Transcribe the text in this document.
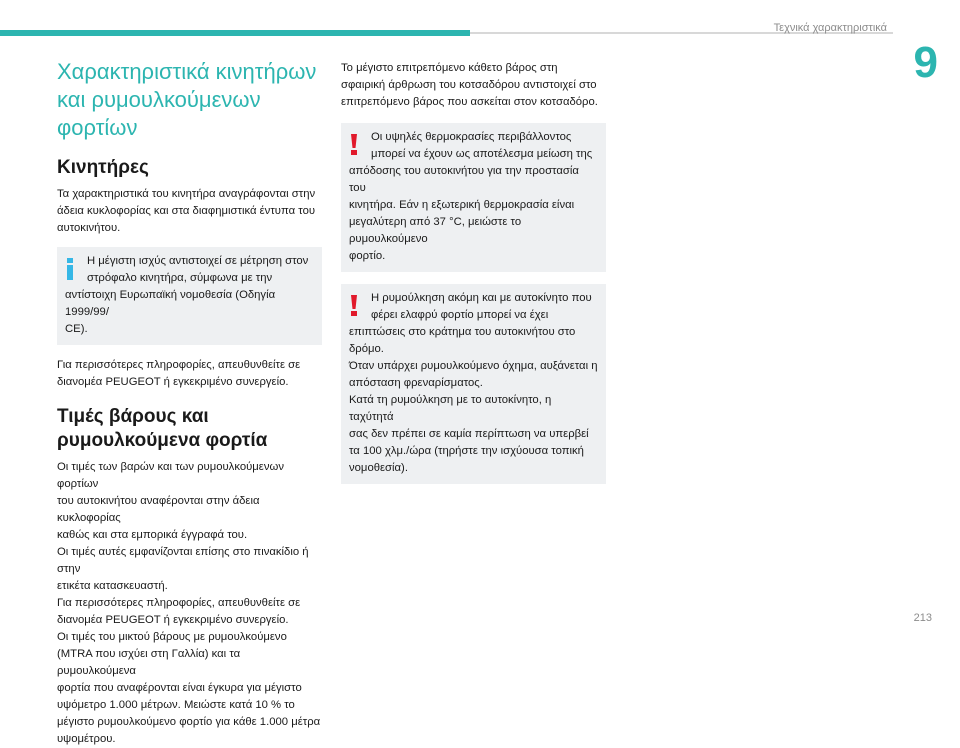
Τεχνικά χαρακτηριστικά
9
Χαρακτηριστικά κινητήρων
και ρυμουλκούμενων φορτίων
Κινητήρες

Τα χαρακτηριστικά του κινητήρα αναγράφονται στην
άδεια κυκλοφορίας και στα διαφημιστικά έντυπα του
αυτοκινήτου.

Η μέγιστη ισχύς αντιστοιχεί σε μέτρηση στον
στρόφαλο κινητήρα, σύμφωνα με την
αντίστοιχη Ευρωπαϊκή νομοθεσία (Οδηγία 1999/99/
CE).

Για περισσότερες πληροφορίες, απευθυνθείτε σε
διανομέα PEUGEOT ή εγκεκριμένο συνεργείο.

Τιμές βάρους και
ρυμουλκούμενα φορτία

Οι τιμές των βαρών και των ρυμουλκούμενων φορτίων
του αυτοκινήτου αναφέρονται στην άδεια κυκλοφορίας
καθώς και στα εμπορικά έγγραφά του.
Οι τιμές αυτές εμφανίζονται επίσης στο πινακίδιο ή στην
ετικέτα κατασκευαστή.
Για περισσότερες πληροφορίες, απευθυνθείτε σε
διανομέα PEUGEOT ή εγκεκριμένο συνεργείο.
Οι τιμές του μικτού βάρους με ρυμουλκούμενο
(MTRA που ισχύει στη Γαλλία) και τα ρυμουλκούμενα
φορτία που αναφέρονται είναι έγκυρα για μέγιστο
υψόμετρο 1.000 μέτρων. Μειώστε κατά 10 % το
μέγιστο ρυμουλκούμενο φορτίο για κάθε 1.000 μέτρα
υψομέτρου.

Το μέγιστο επιτρεπόμενο κάθετο βάρος στη
σφαιρική άρθρωση του κοτσαδόρου αντιστοιχεί στο
επιτρεπόμενο βάρος που ασκείται στον κοτσαδόρο.

Οι υψηλές θερμοκρασίες περιβάλλοντος
μπορεί να έχουν ως αποτέλεσμα μείωση της
απόδοσης του αυτοκινήτου για την προστασία του
κινητήρα. Εάν η εξωτερική θερμοκρασία είναι
μεγαλύτερη από 37 °C, μειώστε το ρυμουλκούμενο
φορτίο.

Η ρυμούλκηση ακόμη και με αυτοκίνητο που
φέρει ελαφρύ φορτίο μπορεί να έχει
επιπτώσεις στο κράτημα του αυτοκινήτου στο
δρόμο.
Όταν υπάρχει ρυμουλκούμενο όχημα, αυξάνεται η
απόσταση φρεναρίσματος.
Κατά τη ρυμούλκηση με το αυτοκίνητο, η ταχύτητά
σας δεν πρέπει σε καμία περίπτωση να υπερβεί
τα 100 χλμ./ώρα (τηρήστε την ισχύουσα τοπική
νομοθεσία).

213
